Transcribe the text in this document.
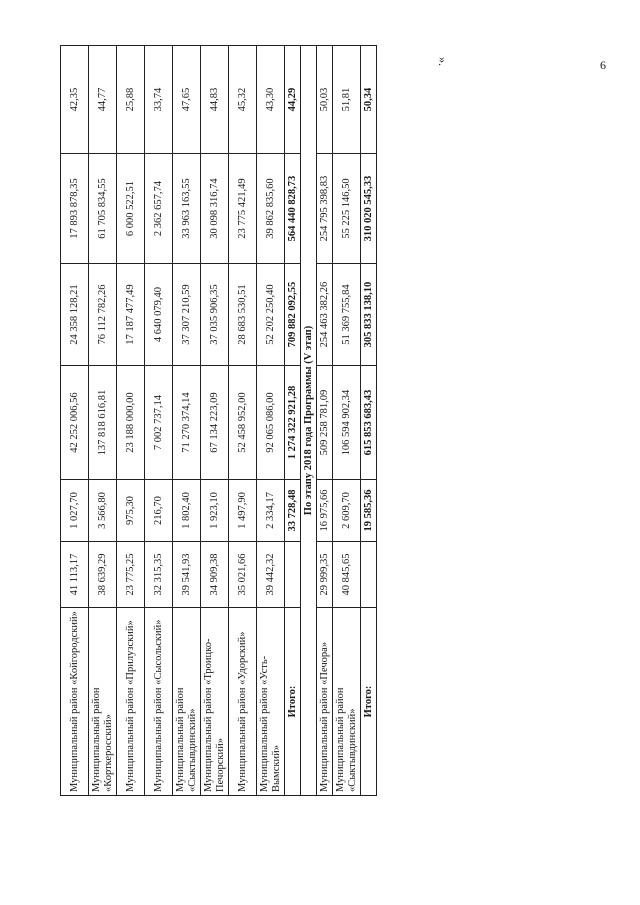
6
».
Муниципальный район «Койгородский»	41 113,17	1 027,70	42 252 006,56	24 358 128,21	17 893 878,35	42,35
Муниципальный район «Корткеросский»	38 639,29	3 566,80	137 818 616,81	76 112 782,26	61 705 834,55	44,77
Муниципальный район «Прилузский»	23 775,25	975,30	23 188 000,00	17 187 477,49	6 000 522,51	25,88
Муниципальный район «Сысольский»	32 315,35	216,70	7 002 737,14	4 640 079,40	2 362 657,74	33,74
Муниципальный район «Сыктывдинский»	39 541,93	1 802,40	71 270 374,14	37 307 210,59	33 963 163,55	47,65
Муниципальный район «Троицко-Печорский»	34 909,38	1 923,10	67 134 223,09	37 035 906,35	30 098 316,74	44,83
Муниципальный район «Удорский»	35 021,66	1 497,90	52 458 952,00	28 683 530,51	23 775 421,49	45,32
Муниципальный район «Усть-Вымский»	39 442,32	2 334,17	92 065 086,00	52 202 250,40	39 862 835,60	43,30
Итого:		33 728,48	1 274 322 921,28	709 882 092,55	564 440 828,73	44,29
По этапу 2018 года Программы (V этап)						
Муниципальный район «Печора»	29 999,35	16 975,66	509 258 781,09	254 463 382,26	254 795 398,83	50,03
Муниципальный район «Сыктывдинский»	40 845,65	2 609,70	106 594 902,34	51 369 755,84	55 225 146,50	51,81
Итого:		19 585,36	615 853 683,43	305 833 138,10	310 020 545,33	50,34
